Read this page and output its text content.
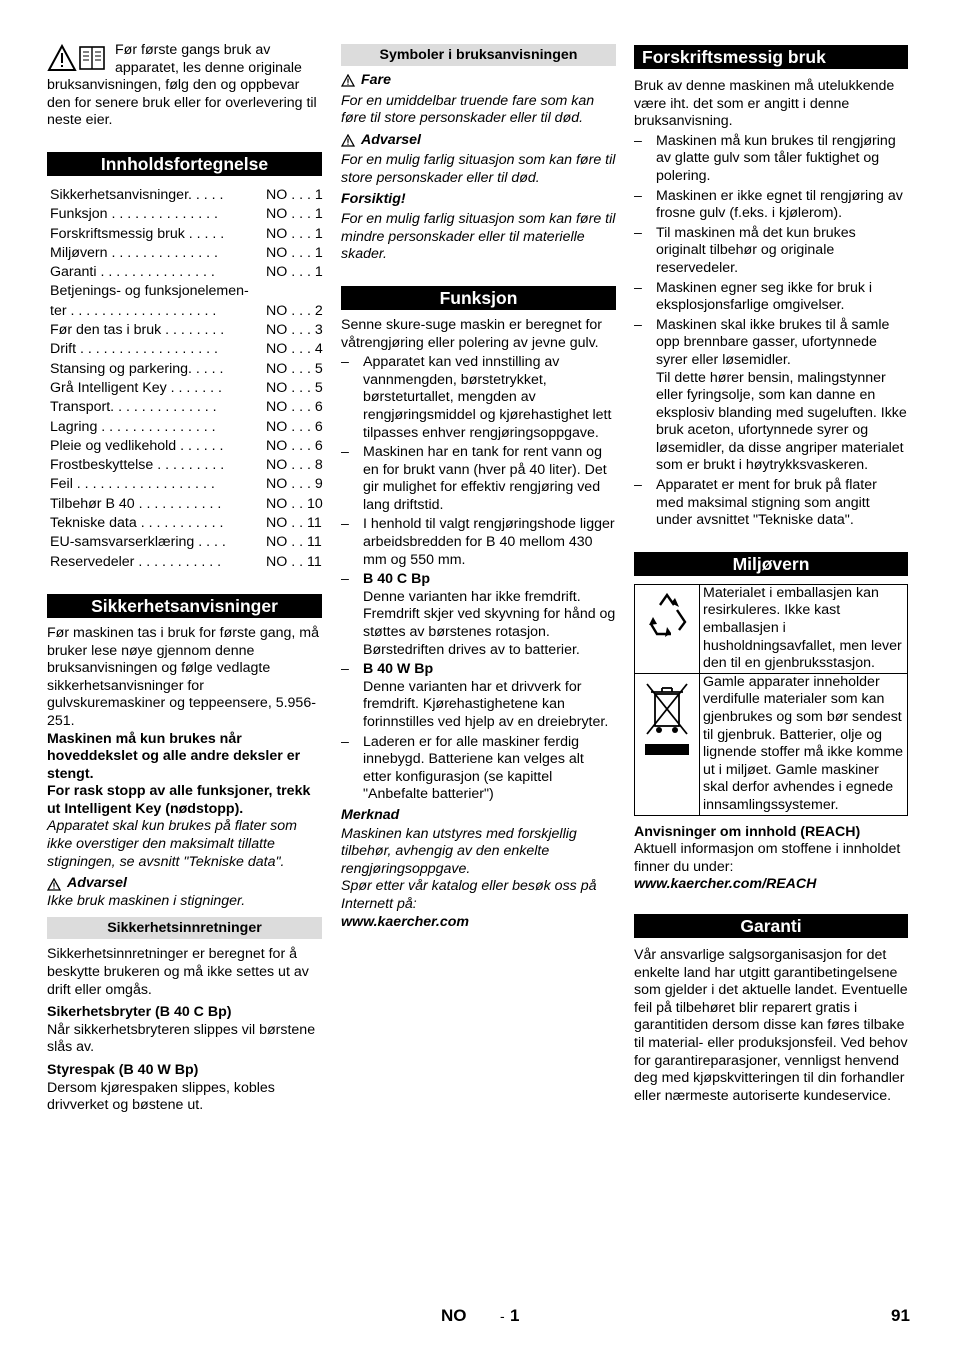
Før første gangs bruk av apparatet, les denne originale bruksanvisningen, følg den og oppbevar den for senere bruk eller for overlevering til neste eier.

Innholdsfortegnelse
Sikkerhetsanvisninger. . . . .	NO . . . 1
Funksjon . . . . . . . . . . . . . .	NO . . . 1
Forskriftsmessig bruk . . . . .	NO . . . 1
Miljøvern . . . . . . . . . . . . . .	NO . . . 1
Garanti . . . . . . . . . . . . . . .	NO . . . 1
Betjenings- og funksjonelemen-
ter . . . . . . . . . . . . . . . . . . .	NO . . . 2
Før den tas i bruk . . . . . . . .	NO . . . 3
Drift . . . . . . . . . . . . . . . . . .	NO . . . 4
Stansing og parkering. . . . .	NO . . . 5
Grå Intelligent Key . . . . . . .	NO . . . 5
Transport. . . . . . . . . . . . . .	NO . . . 6
Lagring . . . . . . . . . . . . . . .	NO . . . 6
Pleie og vedlikehold . . . . . .	NO . . . 6
Frostbeskyttelse . . . . . . . . .	NO . . . 8
Feil . . . . . . . . . . . . . . . . . .	NO . . . 9
Tilbehør B 40 . . . . . . . . . . .	NO . . 10
Tekniske data . . . . . . . . . . .	NO . . 11
EU-samsvarserklæring . . . .	NO . . 11
Reservedeler . . . . . . . . . . .	NO . . 11
Sikkerhetsanvisninger

Før maskinen tas i bruk for første gang, må bruker lese nøye gjennom denne bruksanvisningen og følge vedlagte sikkerhetsanvisninger for gulvskuremaskiner og teppeensere, 5.956-251.

Maskinen må kun brukes når hoveddekslet og alle andre deksler er stengt.

For rask stopp av alle funksjoner, trekk ut Intelligent Key (nødstopp).

Apparatet skal kun brukes på flater som ikke overstiger den maksimalt tillatte stigningen, se avsnitt "Tekniske data".

Advarsel

Ikke bruk maskinen i stigninger.

Sikkerhetsinnretninger

Sikkerhetsinnretninger er beregnet for å beskytte brukeren og må ikke settes ut av drift eller omgås.

Sikerhetsbryter (B 40 C Bp)

Når sikkerhetsbryteren slippes vil børstene slås av.

Styrespak (B 40 W Bp)

Dersom kjørespaken slippes, kobles drivverket og bøstene ut.

Symboler i bruksanvisningen
Fare

For en umiddelbar truende fare som kan føre til store personskader eller til død.

Advarsel

For en mulig farlig situasjon som kan føre til store personskader eller til død.

Forsiktig!

For en mulig farlig situasjon som kan føre til mindre personskader eller til materielle skader.

Funksjon

Senne skure-suge maskin er beregnet for våtrengjøring eller polering av jevne gulv.

– Apparatet kan ved innstilling av vannmengden, børstetrykket, børsteturtallet, mengden av rengjøringsmiddel og kjørehastighet lett tilpasses enhver rengjøringsoppgave.
– Maskinen har en tank for rent vann og en for brukt vann (hver på 40 liter). Det gir mulighet for effektiv rengjøring ved lang driftstid.
– I henhold til valgt rengjøringshode ligger arbeidsbredden for B 40 mellom 430 mm og 550 mm.
– B 40 C Bp
Denne varianten har ikke fremdrift. Fremdrift skjer ved skyvning for hånd og støttes av børstenes rotasjon. Børstedriften drives av to batterier.
– B 40 W Bp
Denne varianten har et drivverk for fremdrift. Kjørehastighetene kan forinnstilles ved hjelp av en dreiebryter.
– Laderen er for alle maskiner ferdig innebygd. Batteriene kan velges alt etter konfigurasjon (se kapittel "Anbefalte batterier")

Merknad

Maskinen kan utstyres med forskjellig tilbehør, avhengig av den enkelte rengjøringsoppgave.

Spør etter vår katalog eller besøk oss på Internett på:

www.kaercher.com

Forskriftsmessig bruk

Bruk av denne maskinen må utelukkende være iht. det som er angitt i denne bruksanvisning.

– Maskinen må kun brukes til rengjøring av glatte gulv som tåler fuktighet og polering.
– Maskinen er ikke egnet til rengjøring av frosne gulv (f.eks. i kjølerom).
– Til maskinen må det kun brukes originalt tilbehør og originale reservedeler.
– Maskinen egner seg ikke for bruk i eksplosjonsfarlige omgivelser.
– Maskinen skal ikke brukes til å samle opp brennbare gasser, ufortynnede syrer eller løsemidler.
Til dette hører bensin, malingstynner eller fyringsolje, som kan danne en eksplosiv blanding med sugeluften. Ikke bruk aceton, ufortynnede syrer og løsemidler, da disse angriper materialet som er brukt i høytrykksvaskeren.
– Apparatet er ment for bruk på flater med maksimal stigning som angitt under avsnittet "Tekniske data".
Miljøvern
	Materialet i emballasjen kan resirkuleres. Ikke kast emballasjen i husholdningsavfallet, men lever den til en gjenbruksstasjon.
	Gamle apparater inneholder verdifulle materialer som kan gjenbrukes og som bør sendest til gjenbruk. Batterier, olje og lignende stoffer må ikke komme ut i miljøet. Gamle maskiner skal derfor avhendes i egnede innsamlingssystemer.

Anvisninger om innhold (REACH)

Aktuell informasjon om stoffene i innholdet finner du under:

www.kaercher.com/REACH

Garanti

Vår ansvarlige salgsorganisasjon for det enkelte land har utgitt garantibetingelsene som gjelder i det aktuelle landet. Eventuelle feil på tilbehøret blir reparert gratis i garantitiden dersom disse kan føres tilbake til material- eller produksjonsfeil. Ved behov for garantireparasjoner, vennligst henvend deg med kjøpskvitteringen til din forhandler eller nærmeste autoriserte kundeservice.

NO - 1	91
